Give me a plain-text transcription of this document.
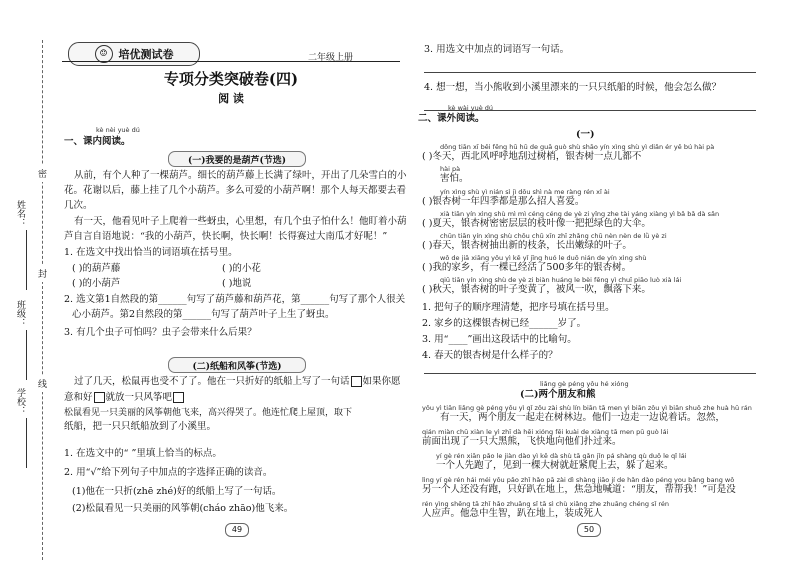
姓名：
班级：
学校：
密
封
线
☺ 培优测试卷	二年级上册
专项分类突破卷(四)
阅 读
kè nèi yuè dú
一、课内阅读。
(一)我要的是葫芦(节选)
从前，有个人种了一棵葫芦。细长的葫芦藤上长满了绿叶，开出了几朵雪白的小
花。花谢以后，藤上挂了几个小葫芦。多么可爱的小葫芦啊！那个人每天都要去看
几次。
有一天，他看见叶子上爬着一些蚜虫，心里想，有几个虫子怕什么！他盯着小葫
芦自言自语地说：“我的小葫芦，快长啊，快长啊！长得赛过大南瓜才好呢！”
1. 在选文中找出恰当的词语填在括号里。
( )的葫芦藤	( )的小花
( )的小葫芦	( )地说
2. 选文第1自然段的第______句写了葫芦藤和葫芦花，第______句写了那个人很关
心小葫芦。第2自然段的第______句写了葫芦叶子上生了蚜虫。
3. 有几个虫子可怕吗？虫子会带来什么后果？
(二)纸船和风筝(节选)
过了几天，松鼠再也受不了了。他在一只折好的纸船上写了一句话 如果你愿
意和好 就放一只风筝吧
松鼠看见一只美丽的风筝朝他飞来，高兴得哭了。他连忙爬上屋顶，取下
纸船，把一只只纸船放到了小溪里。
1. 在选文中的“ ”里填上恰当的标点。
2. 用“√”给下列句子中加点的字选择正确的读音。
(1)他在一只折(zhē zhé)好的纸船上写了一句话。
(2)松鼠看见一只美丽的风筝朝(cháo zhāo)他飞来。
49
3. 用选文中加点的词语写一句话。
4. 想一想，当小熊收到小溪里漂来的一只只纸船的时候，他会怎么做？
kè wài yuè dú
二、课外阅读。
(一)
dōng tiān xī běi fēng hū hū de guā guò shù shāo yín xìng shù yì diǎn ér yě bú hài pà
( )冬天，西北风呼呼地刮过树梢，银杏树一点儿都不
hài pà
害怕。
yín xìng shù yì nián sì jì dōu shì nà me ràng rén xǐ ài
( )银杏树一年四季都是那么招人喜爱。
xià tiān yín xìng shù mì mì céng céng de yè zi yǐng zhe tài yáng xiàng yì bǎ bǎ dà sǎn
( )夏天，银杏树密密层层的枝叶像一把把绿色的大伞。
chūn tiān yín xìng shù chōu chū xīn zhī zhǎng chū nèn nèn de lǜ yè zi
( )春天，银杏树抽出新的枝条，长出嫩绿的叶子。
wǒ de jiā xiāng yǒu yì kē yǐ jīng huó le duō nián de yín xìng shù
( )我的家乡，有一棵已经活了500多年的银杏树。
qiū tiān yín xìng shù de yè zi biàn huáng le bèi fēng yì chuī piāo luò xià lái
( )秋天，银杏树的叶子变黄了，被风一吹，飘落下来。
1. 把句子的顺序理清楚，把序号填在括号里。
2. 家乡的这棵银杏树已经______岁了。
3. 用“____”画出这段话中的比喻句。
4. 春天的银杏树是什么样子的？
liǎng gè péng yǒu hé xióng
(二)两个朋友和熊
yǒu yì tiān liǎng gè péng yǒu yì qǐ zǒu zài shù lín biān tā men yì biān zǒu yì biān shuō zhe huà hū rán
有一天，两个朋友一起走在树林边。他们一边走一边说着话。忽然，
qián miàn chū xiàn le yì zhī dà hēi xióng fēi kuài de xiàng tā men pū guò lái
前面出现了一只大黑熊，飞快地向他们扑过来。
yí gè rén xiān pǎo le jiàn dào yì kē dà shù tā gǎn jǐn pá shàng qù duǒ le qǐ lái
一个人先跑了，见到一棵大树就赶紧爬上去，躲了起来。
lìng yí gè rén hái méi yǒu pǎo zhǐ hǎo pā zài dì shàng jiāo jí de hǎn dào péng you bāng bang wǒ
另一个人还没有跑，只好趴在地上，焦急地喊道：“朋友，帮帮我！”可是没
rén yìng shēng tā zhǐ hǎo zhuāng sǐ tā sì chù xiǎng zhe zhuāng chéng sǐ rén
人应声。他急中生智，趴在地上，装成死人
50
